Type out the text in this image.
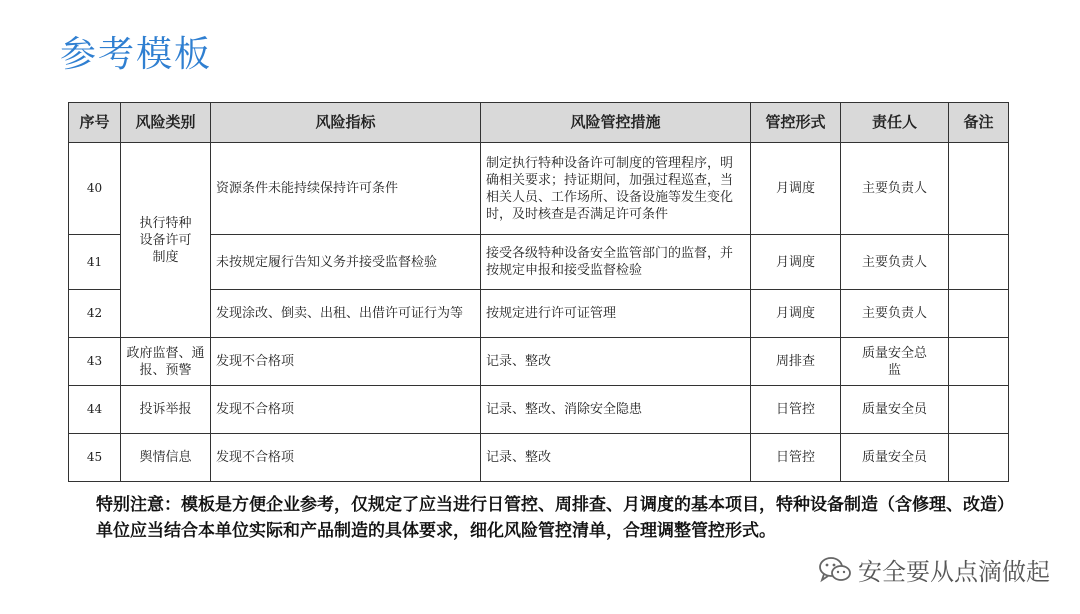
参考模板
序号	风险类别	风险指标	风险管控措施	管控形式	责任人	备注
40	执行特种设备许可制度	资源条件未能持续保持许可条件	制定执行特种设备许可制度的管理程序，明确相关要求；持证期间，加强过程巡查，当相关人员、工作场所、设备设施等发生变化时，及时核查是否满足许可条件	月调度	主要负责人	
41		未按规定履行告知义务并接受监督检验	接受各级特种设备安全监管部门的监督，并按规定申报和接受监督检验	月调度	主要负责人	
42		发现涂改、倒卖、出租、出借许可证行为等	按规定进行许可证管理	月调度	主要负责人	
43	政府监督、通报、预警	发现不合格项	记录、整改	周排查	质量安全总监	
44	投诉举报	发现不合格项	记录、整改、消除安全隐患	日管控	质量安全员	
45	舆情信息	发现不合格项	记录、整改	日管控	质量安全员	
特别注意：模板是方便企业参考，仅规定了应当进行日管控、周排查、月调度的基本项目，特种设备制造（含修理、改造）单位应当结合本单位实际和产品制造的具体要求，细化风险管控清单，合理调整管控形式。
安全要从点滴做起
